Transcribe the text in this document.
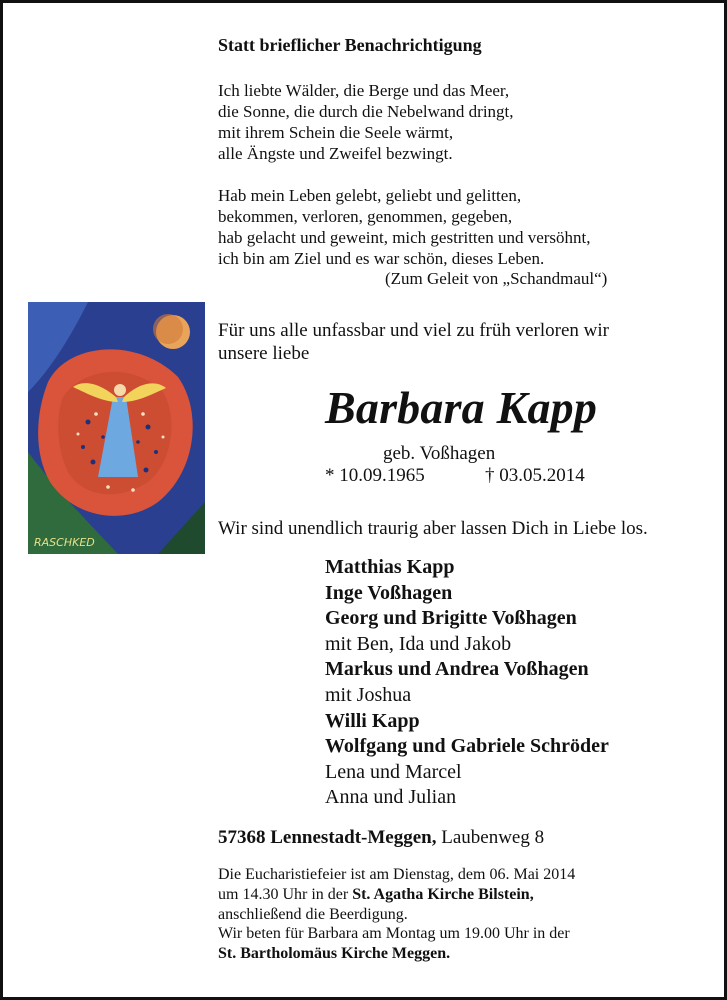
Statt brieflicher Benachrichtigung
Ich liebte Wälder, die Berge und das Meer,
die Sonne, die durch die Nebelwand dringt,
mit ihrem Schein die Seele wärmt,
alle Ängste und Zweifel bezwingt.
Hab mein Leben gelebt, geliebt und gelitten,
bekommen, verloren, genommen, gegeben,
hab gelacht und geweint, mich gestritten und versöhnt,
ich bin am Ziel und es war schön, dieses Leben.
(Zum Geleit von „Schandmaul“)
RASCHKED
Für uns alle unfassbar und viel zu früh verloren wir
unsere liebe
Barbara Kapp
geb. Voßhagen
* 10.09.1965	† 03.05.2014
Wir sind unendlich traurig aber lassen Dich in Liebe los.
Matthias Kapp
Inge Voßhagen
Georg und Brigitte Voßhagen
mit Ben, Ida und Jakob
Markus und Andrea Voßhagen
mit Joshua
Willi Kapp
Wolfgang und Gabriele Schröder
Lena und Marcel
Anna und Julian
57368 Lennestadt-Meggen, Laubenweg 8
Die Eucharistiefeier ist am Dienstag, dem 06. Mai 2014
um 14.30 Uhr in der St. Agatha Kirche Bilstein,
anschließend die Beerdigung.
Wir beten für Barbara am Montag um 19.00 Uhr in der
St. Bartholomäus Kirche Meggen.
